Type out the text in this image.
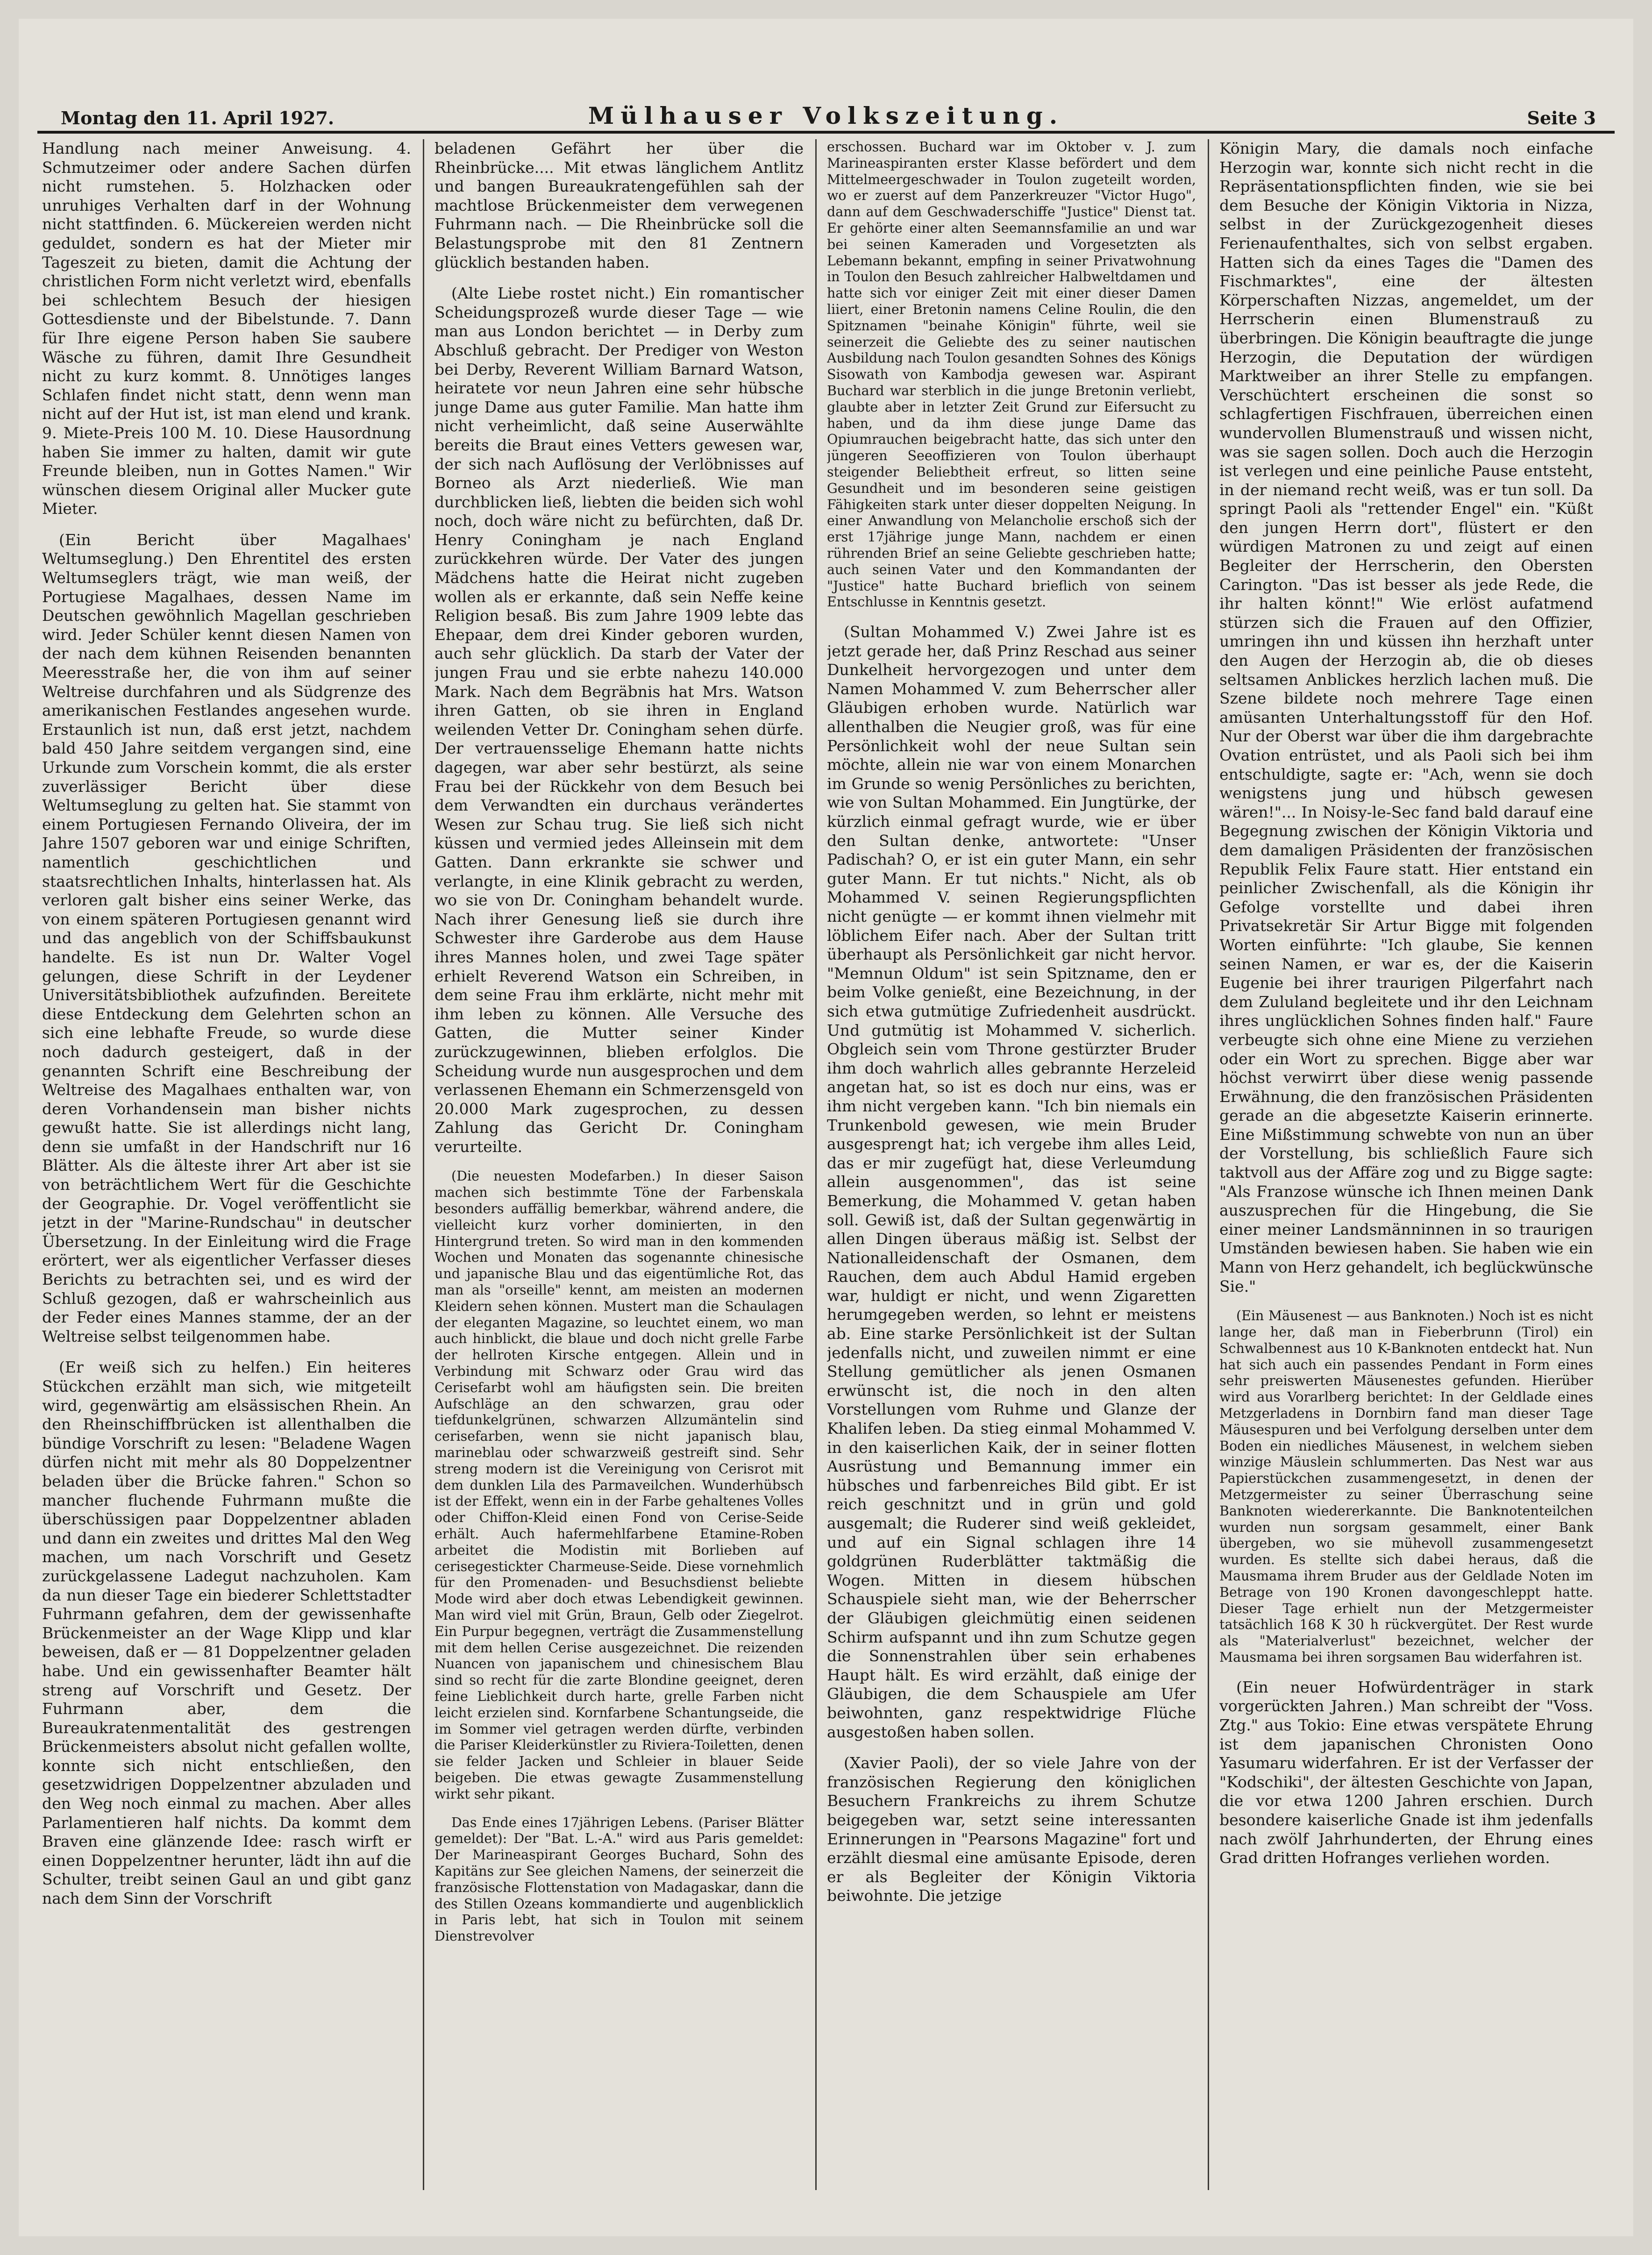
Montag den 11. April 1927.	Mülhauser Volkszeitung.	Seite 3

Handlung nach meiner Anweisung. 4. Schmutzeimer oder andere Sachen dürfen nicht rumstehen. 5. Holzhacken oder unruhiges Verhalten darf in der Wohnung nicht stattfinden. 6. Mückereien werden nicht geduldet, sondern es hat der Mieter mir Tageszeit zu bieten, damit die Achtung der christlichen Form nicht verletzt wird, ebenfalls bei schlechtem Besuch der hiesigen Gottesdienste und der Bibelstunde. 7. Dann für Ihre eigene Person haben Sie saubere Wäsche zu führen, damit Ihre Gesundheit nicht zu kurz kommt. 8. Unnötiges langes Schlafen findet nicht statt, denn wenn man nicht auf der Hut ist, ist man elend und krank. 9. Miete-Preis 100 M. 10. Diese Hausordnung haben Sie immer zu halten, damit wir gute Freunde bleiben, nun in Gottes Namen." Wir wünschen diesem Original aller Mucker gute Mieter.

(Ein Bericht über Magalhaes' Weltumseglung.) Den Ehrentitel des ersten Weltumseglers trägt, wie man weiß, der Portugiese Magalhaes, dessen Name im Deutschen gewöhnlich Magellan geschrieben wird. Jeder Schüler kennt diesen Namen von der nach dem kühnen Reisenden benannten Meeresstraße her, die von ihm auf seiner Weltreise durchfahren und als Südgrenze des amerikanischen Festlandes angesehen wurde. Erstaunlich ist nun, daß erst jetzt, nachdem bald 450 Jahre seitdem vergangen sind, eine Urkunde zum Vorschein kommt, die als erster zuverlässiger Bericht über diese Weltumseglung zu gelten hat. Sie stammt von einem Portugiesen Fernando Oliveira, der im Jahre 1507 geboren war und einige Schriften, namentlich geschichtlichen und staatsrechtlichen Inhalts, hinterlassen hat. Als verloren galt bisher eins seiner Werke, das von einem späteren Portugiesen genannt wird und das angeblich von der Schiffsbaukunst handelte. Es ist nun Dr. Walter Vogel gelungen, diese Schrift in der Leydener Universitätsbibliothek aufzufinden. Bereitete diese Entdeckung dem Gelehrten schon an sich eine lebhafte Freude, so wurde diese noch dadurch gesteigert, daß in der genannten Schrift eine Beschreibung der Weltreise des Magalhaes enthalten war, von deren Vorhandensein man bisher nichts gewußt hatte. Sie ist allerdings nicht lang, denn sie umfaßt in der Handschrift nur 16 Blätter. Als die älteste ihrer Art aber ist sie von beträchtlichem Wert für die Geschichte der Geographie. Dr. Vogel veröffentlicht sie jetzt in der "Marine-Rundschau" in deutscher Übersetzung. In der Einleitung wird die Frage erörtert, wer als eigentlicher Verfasser dieses Berichts zu betrachten sei, und es wird der Schluß gezogen, daß er wahrscheinlich aus der Feder eines Mannes stamme, der an der Weltreise selbst teilgenommen habe.

(Er weiß sich zu helfen.) Ein heiteres Stückchen erzählt man sich, wie mitgeteilt wird, gegenwärtig am elsässischen Rhein. An den Rheinschiffbrücken ist allenthalben die bündige Vorschrift zu lesen: "Beladene Wagen dürfen nicht mit mehr als 80 Doppelzentner beladen über die Brücke fahren." Schon so mancher fluchende Fuhrmann mußte die überschüssigen paar Doppelzentner abladen und dann ein zweites und drittes Mal den Weg machen, um nach Vorschrift und Gesetz zurückgelassene Ladegut nachzuholen. Kam da nun dieser Tage ein biederer Schlettstadter Fuhrmann gefahren, dem der gewissenhafte Brückenmeister an der Wage Klipp und klar beweisen, daß er — 81 Doppelzentner geladen habe. Und ein gewissenhafter Beamter hält streng auf Vorschrift und Gesetz. Der Fuhrmann aber, dem die Bureaukratenmentalität des gestrengen Brückenmeisters absolut nicht gefallen wollte, konnte sich nicht entschließen, den gesetzwidrigen Doppelzentner abzuladen und den Weg noch einmal zu machen. Aber alles Parlamentieren half nichts. Da kommt dem Braven eine glänzende Idee: rasch wirft er einen Doppelzentner herunter, lädt ihn auf die Schulter, treibt seinen Gaul an und gibt ganz nach dem Sinn der Vorschrift

beladenen Gefährt her über die Rheinbrücke.... Mit etwas länglichem Antlitz und bangen Bureaukratengefühlen sah der machtlose Brückenmeister dem verwegenen Fuhrmann nach. — Die Rheinbrücke soll die Belastungsprobe mit den 81 Zentnern glücklich bestanden haben.

(Alte Liebe rostet nicht.) Ein romantischer Scheidungsprozeß wurde dieser Tage — wie man aus London berichtet — in Derby zum Abschluß gebracht. Der Prediger von Weston bei Derby, Reverent William Barnard Watson, heiratete vor neun Jahren eine sehr hübsche junge Dame aus guter Familie. Man hatte ihm nicht verheimlicht, daß seine Auserwählte bereits die Braut eines Vetters gewesen war, der sich nach Auflösung der Verlöbnisses auf Borneo als Arzt niederließ. Wie man durchblicken ließ, liebten die beiden sich wohl noch, doch wäre nicht zu befürchten, daß Dr. Henry Coningham je nach England zurückkehren würde. Der Vater des jungen Mädchens hatte die Heirat nicht zugeben wollen als er erkannte, daß sein Neffe keine Religion besaß. Bis zum Jahre 1909 lebte das Ehepaar, dem drei Kinder geboren wurden, auch sehr glücklich. Da starb der Vater der jungen Frau und sie erbte nahezu 140.000 Mark. Nach dem Begräbnis hat Mrs. Watson ihren Gatten, ob sie ihren in England weilenden Vetter Dr. Coningham sehen dürfe. Der vertrauensselige Ehemann hatte nichts dagegen, war aber sehr bestürzt, als seine Frau bei der Rückkehr von dem Besuch bei dem Verwandten ein durchaus verändertes Wesen zur Schau trug. Sie ließ sich nicht küssen und vermied jedes Alleinsein mit dem Gatten. Dann erkrankte sie schwer und verlangte, in eine Klinik gebracht zu werden, wo sie von Dr. Coningham behandelt wurde. Nach ihrer Genesung ließ sie durch ihre Schwester ihre Garderobe aus dem Hause ihres Mannes holen, und zwei Tage später erhielt Reverend Watson ein Schreiben, in dem seine Frau ihm erklärte, nicht mehr mit ihm leben zu können. Alle Versuche des Gatten, die Mutter seiner Kinder zurückzugewinnen, blieben erfolglos. Die Scheidung wurde nun ausgesprochen und dem verlassenen Ehemann ein Schmerzensgeld von 20.000 Mark zugesprochen, zu dessen Zahlung das Gericht Dr. Coningham verurteilte.

(Die neuesten Modefarben.) In dieser Saison machen sich bestimmte Töne der Farbenskala besonders auffällig bemerkbar, während andere, die vielleicht kurz vorher dominierten, in den Hintergrund treten. So wird man in den kommenden Wochen und Monaten das sogenannte chinesische und japanische Blau und das eigentümliche Rot, das man als "orseille" kennt, am meisten an modernen Kleidern sehen können. Mustert man die Schaulagen der eleganten Magazine, so leuchtet einem, wo man auch hinblickt, die blaue und doch nicht grelle Farbe der hellroten Kirsche entgegen. Allein und in Verbindung mit Schwarz oder Grau wird das Cerisefarbt wohl am häufigsten sein. Die breiten Aufschläge an den schwarzen, grau oder tiefdunkelgrünen, schwarzen Allzumäntelin sind cerisefarben, wenn sie nicht japanisch blau, marineblau oder schwarzweiß gestreift sind. Sehr streng modern ist die Vereinigung von Cerisrot mit dem dunklen Lila des Parmaveilchen. Wunderhübsch ist der Effekt, wenn ein in der Farbe gehaltenes Volles oder Chiffon-Kleid einen Fond von Cerise-Seide erhält. Auch hafermehlfarbene Etamine-Roben arbeitet die Modistin mit Borlieben auf cerisegestickter Charmeuse-Seide. Diese vornehmlich für den Promenaden- und Besuchsdienst beliebte Mode wird aber doch etwas Lebendigkeit gewinnen. Man wird viel mit Grün, Braun, Gelb oder Ziegelrot. Ein Purpur begegnen, verträgt die Zusammenstellung mit dem hellen Cerise ausgezeichnet. Die reizenden Nuancen von japanischem und chinesischem Blau sind so recht für die zarte Blondine geeignet, deren feine Lieblichkeit durch harte, grelle Farben nicht leicht erzielen sind. Kornfarbene Schantungseide, die im Sommer viel getragen werden dürfte, verbinden die Pariser Kleiderkünstler zu Riviera-Toiletten, denen sie felder Jacken und Schleier in blauer Seide beigeben. Die etwas gewagte Zusammenstellung wirkt sehr pikant.

Das Ende eines 17jährigen Lebens. (Pariser Blätter gemeldet): Der "Bat. L.-A." wird aus Paris gemeldet: Der Marineaspirant Georges Buchard, Sohn des Kapitäns zur See gleichen Namens, der seinerzeit die französische Flottenstation von Madagaskar, dann die des Stillen Ozeans kommandierte und augenblicklich in Paris lebt, hat sich in Toulon mit seinem Dienstrevolver

erschossen. Buchard war im Oktober v. J. zum Marineaspiranten erster Klasse befördert und dem Mittelmeergeschwader in Toulon zugeteilt worden, wo er zuerst auf dem Panzerkreuzer "Victor Hugo", dann auf dem Geschwaderschiffe "Justice" Dienst tat. Er gehörte einer alten Seemannsfamilie an und war bei seinen Kameraden und Vorgesetzten als Lebemann bekannt, empfing in seiner Privatwohnung in Toulon den Besuch zahlreicher Halbweltdamen und hatte sich vor einiger Zeit mit einer dieser Damen liiert, einer Bretonin namens Celine Roulin, die den Spitznamen "beinahe Königin" führte, weil sie seinerzeit die Geliebte des zu seiner nautischen Ausbildung nach Toulon gesandten Sohnes des Königs Sisowath von Kambodja gewesen war. Aspirant Buchard war sterblich in die junge Bretonin verliebt, glaubte aber in letzter Zeit Grund zur Eifersucht zu haben, und da ihm diese junge Dame das Opiumrauchen beigebracht hatte, das sich unter den jüngeren Seeoffizieren von Toulon überhaupt steigender Beliebtheit erfreut, so litten seine Gesundheit und im besonderen seine geistigen Fähigkeiten stark unter dieser doppelten Neigung. In einer Anwandlung von Melancholie erschoß sich der erst 17jährige junge Mann, nachdem er einen rührenden Brief an seine Geliebte geschrieben hatte; auch seinen Vater und den Kommandanten der "Justice" hatte Buchard brieflich von seinem Entschlusse in Kenntnis gesetzt.

(Sultan Mohammed V.) Zwei Jahre ist es jetzt gerade her, daß Prinz Reschad aus seiner Dunkelheit hervorgezogen und unter dem Namen Mohammed V. zum Beherrscher aller Gläubigen erhoben wurde. Natürlich war allenthalben die Neugier groß, was für eine Persönlichkeit wohl der neue Sultan sein möchte, allein nie war von einem Monarchen im Grunde so wenig Persönliches zu berichten, wie von Sultan Mohammed. Ein Jungtürke, der kürzlich einmal gefragt wurde, wie er über den Sultan denke, antwortete: "Unser Padischah? O, er ist ein guter Mann, ein sehr guter Mann. Er tut nichts." Nicht, als ob Mohammed V. seinen Regierungspflichten nicht genügte — er kommt ihnen vielmehr mit löblichem Eifer nach. Aber der Sultan tritt überhaupt als Persönlichkeit gar nicht hervor. "Memnun Oldum" ist sein Spitzname, den er beim Volke genießt, eine Bezeichnung, in der sich etwa gutmütige Zufriedenheit ausdrückt. Und gutmütig ist Mohammed V. sicherlich. Obgleich sein vom Throne gestürzter Bruder ihm doch wahrlich alles gebrannte Herzeleid angetan hat, so ist es doch nur eins, was er ihm nicht vergeben kann. "Ich bin niemals ein Trunkenbold gewesen, wie mein Bruder ausgesprengt hat; ich vergebe ihm alles Leid, das er mir zugefügt hat, diese Verleumdung allein ausgenommen", das ist seine Bemerkung, die Mohammed V. getan haben soll. Gewiß ist, daß der Sultan gegenwärtig in allen Dingen überaus mäßig ist. Selbst der Nationalleidenschaft der Osmanen, dem Rauchen, dem auch Abdul Hamid ergeben war, huldigt er nicht, und wenn Zigaretten herumgegeben werden, so lehnt er meistens ab. Eine starke Persönlichkeit ist der Sultan jedenfalls nicht, und zuweilen nimmt er eine Stellung gemütlicher als jenen Osmanen erwünscht ist, die noch in den alten Vorstellungen vom Ruhme und Glanze der Khalifen leben. Da stieg einmal Mohammed V. in den kaiserlichen Kaik, der in seiner flotten Ausrüstung und Bemannung immer ein hübsches und farbenreiches Bild gibt. Er ist reich geschnitzt und in grün und gold ausgemalt; die Ruderer sind weiß gekleidet, und auf ein Signal schlagen ihre 14 goldgrünen Ruderblätter taktmäßig die Wogen. Mitten in diesem hübschen Schauspiele sieht man, wie der Beherrscher der Gläubigen gleichmütig einen seidenen Schirm aufspannt und ihn zum Schutze gegen die Sonnenstrahlen über sein erhabenes Haupt hält. Es wird erzählt, daß einige der Gläubigen, die dem Schauspiele am Ufer beiwohnten, ganz respektwidrige Flüche ausgestoßen haben sollen.

(Xavier Paoli), der so viele Jahre von der französischen Regierung den königlichen Besuchern Frankreichs zu ihrem Schutze beigegeben war, setzt seine interessanten Erinnerungen in "Pearsons Magazine" fort und erzählt diesmal eine amüsante Episode, deren er als Begleiter der Königin Viktoria beiwohnte. Die jetzige

Königin Mary, die damals noch einfache Herzogin war, konnte sich nicht recht in die Repräsentationspflichten finden, wie sie bei dem Besuche der Königin Viktoria in Nizza, selbst in der Zurückgezogenheit dieses Ferienaufenthaltes, sich von selbst ergaben. Hatten sich da eines Tages die "Damen des Fischmarktes", eine der ältesten Körperschaften Nizzas, angemeldet, um der Herrscherin einen Blumenstrauß zu überbringen. Die Königin beauftragte die junge Herzogin, die Deputation der würdigen Marktweiber an ihrer Stelle zu empfangen. Verschüchtert erscheinen die sonst so schlagfertigen Fischfrauen, überreichen einen wundervollen Blumenstrauß und wissen nicht, was sie sagen sollen. Doch auch die Herzogin ist verlegen und eine peinliche Pause entsteht, in der niemand recht weiß, was er tun soll. Da springt Paoli als "rettender Engel" ein. "Küßt den jungen Herrn dort", flüstert er den würdigen Matronen zu und zeigt auf einen Begleiter der Herrscherin, den Obersten Carington. "Das ist besser als jede Rede, die ihr halten könnt!" Wie erlöst aufatmend stürzen sich die Frauen auf den Offizier, umringen ihn und küssen ihn herzhaft unter den Augen der Herzogin ab, die ob dieses seltsamen Anblickes herzlich lachen muß. Die Szene bildete noch mehrere Tage einen amüsanten Unterhaltungsstoff für den Hof. Nur der Oberst war über die ihm dargebrachte Ovation entrüstet, und als Paoli sich bei ihm entschuldigte, sagte er: "Ach, wenn sie doch wenigstens jung und hübsch gewesen wären!"... In Noisy-le-Sec fand bald darauf eine Begegnung zwischen der Königin Viktoria und dem damaligen Präsidenten der französischen Republik Felix Faure statt. Hier entstand ein peinlicher Zwischenfall, als die Königin ihr Gefolge vorstellte und dabei ihren Privatsekretär Sir Artur Bigge mit folgenden Worten einführte: "Ich glaube, Sie kennen seinen Namen, er war es, der die Kaiserin Eugenie bei ihrer traurigen Pilgerfahrt nach dem Zululand begleitete und ihr den Leichnam ihres unglücklichen Sohnes finden half." Faure verbeugte sich ohne eine Miene zu verziehen oder ein Wort zu sprechen. Bigge aber war höchst verwirrt über diese wenig passende Erwähnung, die den französischen Präsidenten gerade an die abgesetzte Kaiserin erinnerte. Eine Mißstimmung schwebte von nun an über der Vorstellung, bis schließlich Faure sich taktvoll aus der Affäre zog und zu Bigge sagte: "Als Franzose wünsche ich Ihnen meinen Dank auszusprechen für die Hingebung, die Sie einer meiner Landsmänninnen in so traurigen Umständen bewiesen haben. Sie haben wie ein Mann von Herz gehandelt, ich beglückwünsche Sie."

(Ein Mäusenest — aus Banknoten.) Noch ist es nicht lange her, daß man in Fieberbrunn (Tirol) ein Schwalbennest aus 10 K-Banknoten entdeckt hat. Nun hat sich auch ein passendes Pendant in Form eines sehr preiswerten Mäusenestes gefunden. Hierüber wird aus Vorarlberg berichtet: In der Geldlade eines Metzgerladens in Dornbirn fand man dieser Tage Mäusespuren und bei Verfolgung derselben unter dem Boden ein niedliches Mäusenest, in welchem sieben winzige Mäuslein schlummerten. Das Nest war aus Papierstückchen zusammengesetzt, in denen der Metzgermeister zu seiner Überraschung seine Banknoten wiedererkannte. Die Banknotenteilchen wurden nun sorgsam gesammelt, einer Bank übergeben, wo sie mühevoll zusammengesetzt wurden. Es stellte sich dabei heraus, daß die Mausmama ihrem Bruder aus der Geldlade Noten im Betrage von 190 Kronen davongeschleppt hatte. Dieser Tage erhielt nun der Metzgermeister tatsächlich 168 K 30 h rückvergütet. Der Rest wurde als "Materialverlust" bezeichnet, welcher der Mausmama bei ihren sorgsamen Bau widerfahren ist.

(Ein neuer Hofwürdenträger in stark vorgerückten Jahren.) Man schreibt der "Voss. Ztg." aus Tokio: Eine etwas verspätete Ehrung ist dem japanischen Chronisten Oono Yasumaru widerfahren. Er ist der Verfasser der "Kodschiki", der ältesten Geschichte von Japan, die vor etwa 1200 Jahren erschien. Durch besondere kaiserliche Gnade ist ihm jedenfalls nach zwölf Jahrhunderten, der Ehrung eines Grad dritten Hofranges verliehen worden.
